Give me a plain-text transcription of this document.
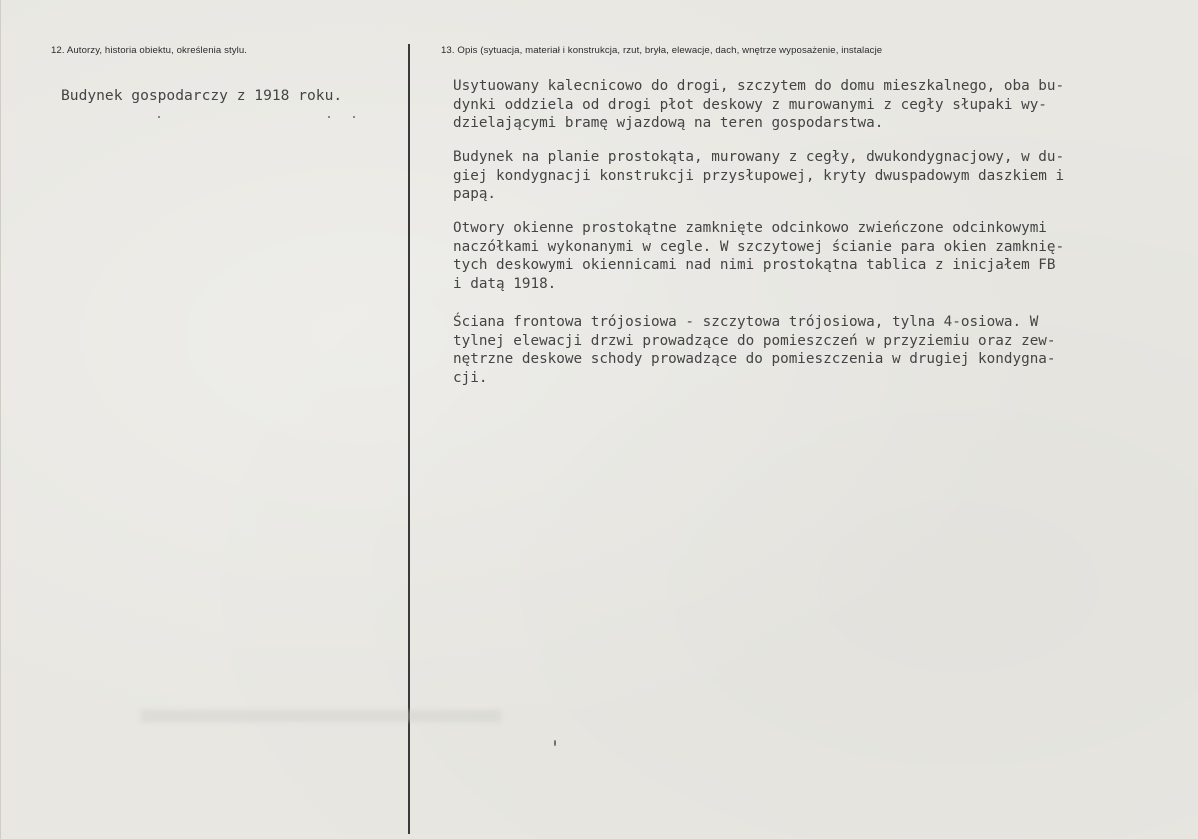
12. Autorzy, historia obiektu, określenia stylu.	13. Opis (sytuacja, materiał i konstrukcja, rzut, bryła, elewacje, dach, wnętrze wyposażenie, instalacje
Budynek gospodarczy z 1918 roku.
Usytuowany kalecnicowo do drogi, szczytem do domu mieszkalnego, oba bu-
dynki oddziela od drogi płot deskowy z murowanymi z cegły słupaki wy-
dzielającymi bramę wjazdową na teren gospodarstwa.
Budynek na planie prostokąta, murowany z cegły, dwukondygnacjowy, w du-
giej kondygnacji konstrukcji przysłupowej, kryty dwuspadowym daszkiem i
papą.
Otwory okienne prostokątne zamknięte odcinkowo zwieńczone odcinkowymi
naczółkami wykonanymi w cegle. W szczytowej ścianie para okien zamknię-
tych deskowymi okiennicami nad nimi prostokątna tablica z inicjałem FB
i datą 1918.
Ściana frontowa trójosiowa - szczytowa trójosiowa, tylna 4-osiowa. W
tylnej elewacji drzwi prowadzące do pomieszczeń w przyziemiu oraz zew-
nętrzne deskowe schody prowadzące do pomieszczenia w drugiej kondygna-
cji.
